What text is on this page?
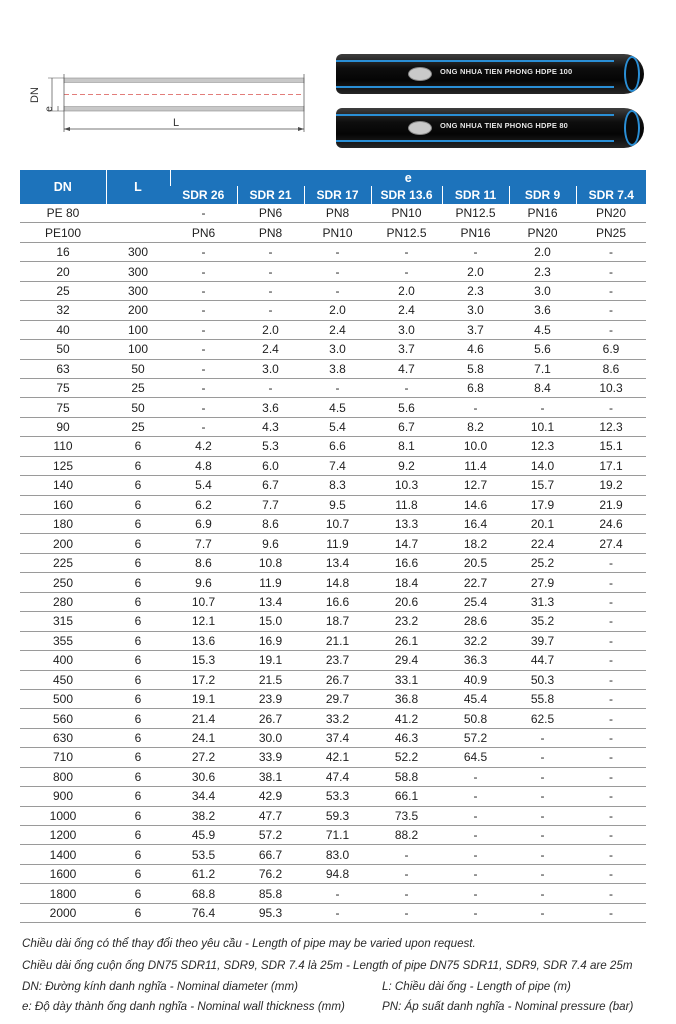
DN
e
L
ONG NHUA TIEN PHONG HDPE 100
ONG NHUA TIEN PHONG HDPE 80
DN	L	e						
		SDR 26	SDR 21	SDR 17	SDR 13.6	SDR 11	SDR 9	SDR 7.4
PE 80		-	PN6	PN8	PN10	PN12.5	PN16	PN20
PE100		PN6	PN8	PN10	PN12.5	PN16	PN20	PN25
16	300	-	-	-	-	-	2.0	-
20	300	-	-	-	-	2.0	2.3	-
25	300	-	-	-	2.0	2.3	3.0	-
32	200	-	-	2.0	2.4	3.0	3.6	-
40	100	-	2.0	2.4	3.0	3.7	4.5	-
50	100	-	2.4	3.0	3.7	4.6	5.6	6.9
63	50	-	3.0	3.8	4.7	5.8	7.1	8.6
75	25	-	-	-	-	6.8	8.4	10.3
75	50	-	3.6	4.5	5.6	-	-	-
90	25	-	4.3	5.4	6.7	8.2	10.1	12.3
110	6	4.2	5.3	6.6	8.1	10.0	12.3	15.1
125	6	4.8	6.0	7.4	9.2	11.4	14.0	17.1
140	6	5.4	6.7	8.3	10.3	12.7	15.7	19.2
160	6	6.2	7.7	9.5	11.8	14.6	17.9	21.9
180	6	6.9	8.6	10.7	13.3	16.4	20.1	24.6
200	6	7.7	9.6	11.9	14.7	18.2	22.4	27.4
225	6	8.6	10.8	13.4	16.6	20.5	25.2	-
250	6	9.6	11.9	14.8	18.4	22.7	27.9	-
280	6	10.7	13.4	16.6	20.6	25.4	31.3	-
315	6	12.1	15.0	18.7	23.2	28.6	35.2	-
355	6	13.6	16.9	21.1	26.1	32.2	39.7	-
400	6	15.3	19.1	23.7	29.4	36.3	44.7	-
450	6	17.2	21.5	26.7	33.1	40.9	50.3	-
500	6	19.1	23.9	29.7	36.8	45.4	55.8	-
560	6	21.4	26.7	33.2	41.2	50.8	62.5	-
630	6	24.1	30.0	37.4	46.3	57.2	-	-
710	6	27.2	33.9	42.1	52.2	64.5	-	-
800	6	30.6	38.1	47.4	58.8	-	-	-
900	6	34.4	42.9	53.3	66.1	-	-	-
1000	6	38.2	47.7	59.3	73.5	-	-	-
1200	6	45.9	57.2	71.1	88.2	-	-	-
1400	6	53.5	66.7	83.0	-	-	-	-
1600	6	61.2	76.2	94.8	-	-	-	-
1800	6	68.8	85.8	-	-	-	-	-
2000	6	76.4	95.3	-	-	-	-	-
Chiều dài ống có thể thay đổi theo yêu cầu - Length of pipe may be varied upon request.
Chiều dài ống cuộn ống DN75 SDR11, SDR9, SDR 7.4 là 25m - Length of pipe DN75 SDR11, SDR9, SDR 7.4 are 25m
DN: Đường kính danh nghĩa - Nominal diameter (mm)	L: Chiều dài ống - Length of pipe (m)
e: Độ dày thành ống danh nghĩa - Nominal wall thickness (mm)	PN: Áp suất danh nghĩa - Nominal pressure (bar)
